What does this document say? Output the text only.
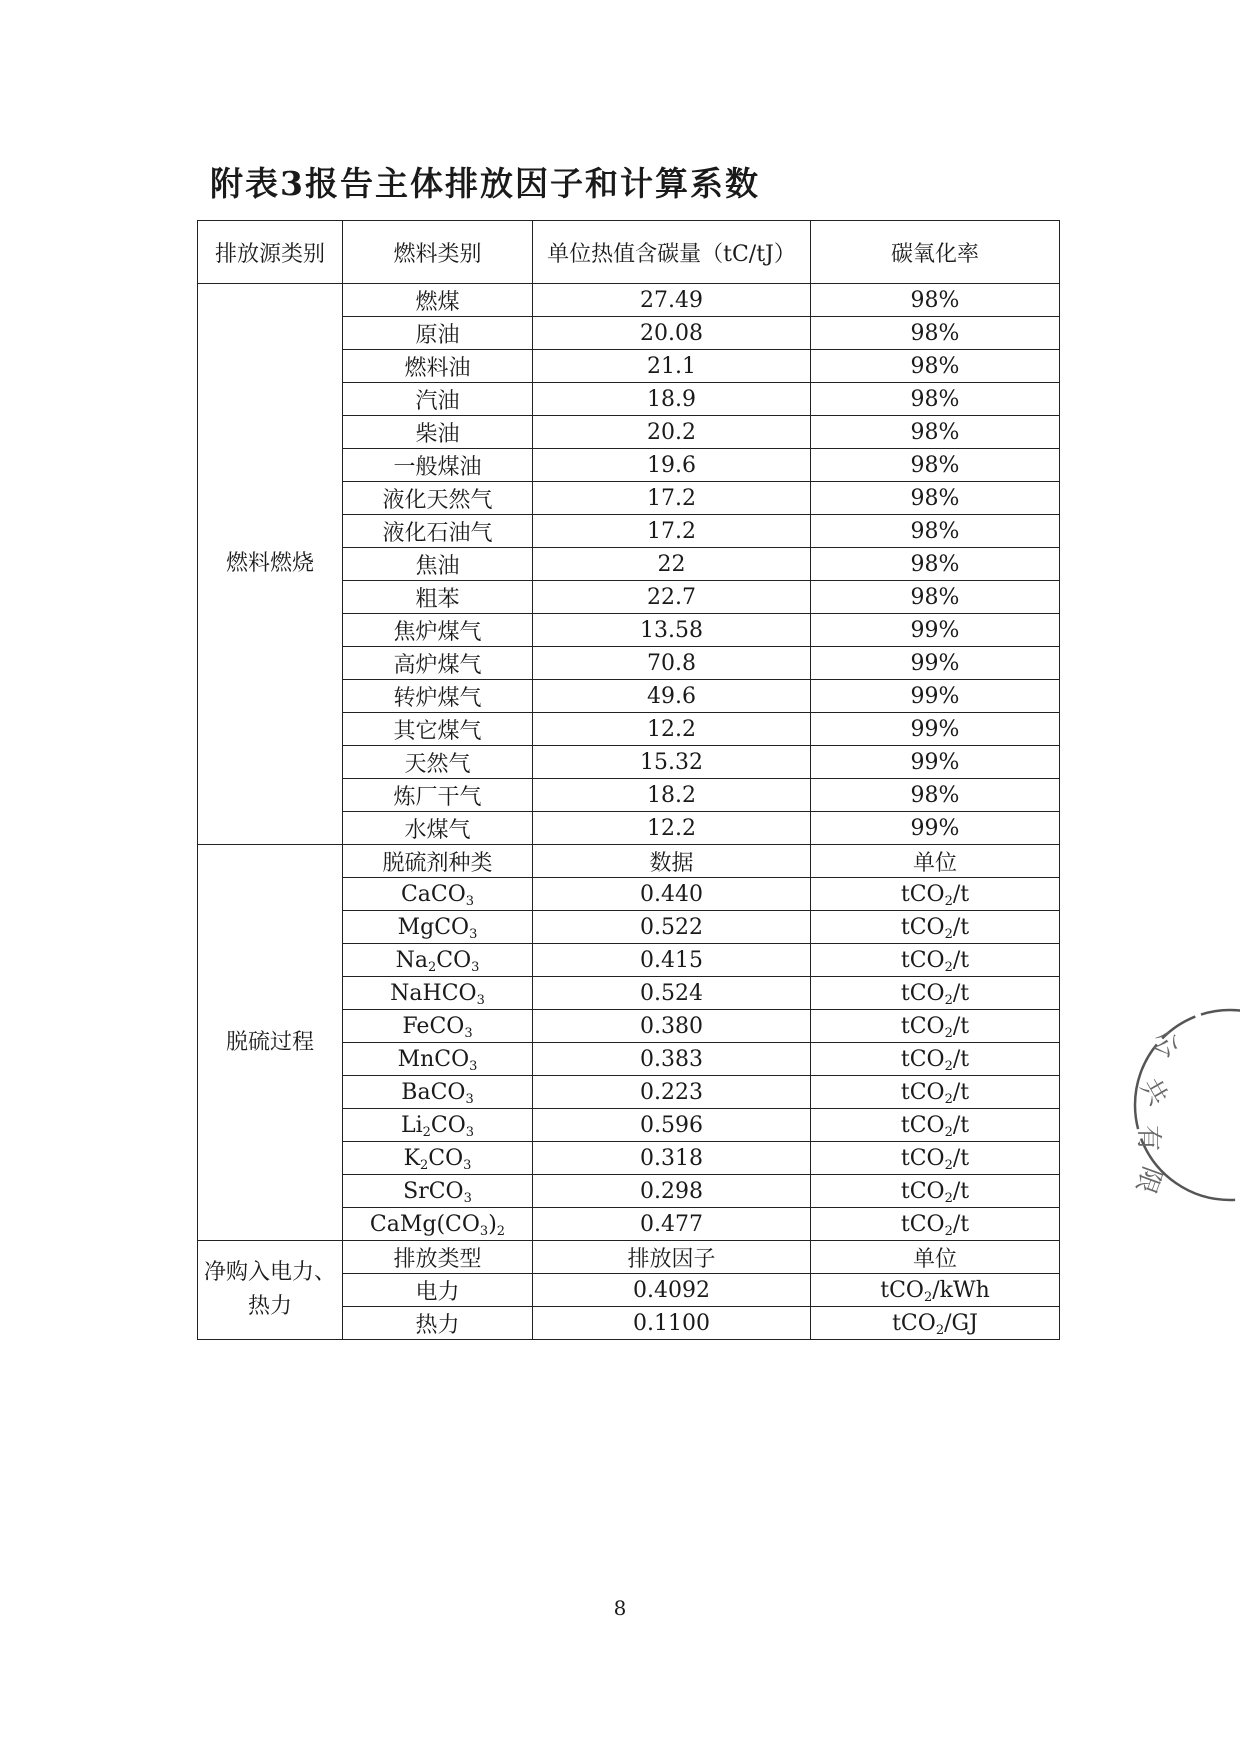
附表3报告主体排放因子和计算系数
排放源类别	燃料类别	单位热值含碳量（tC/tJ）	碳氧化率
燃料燃烧	燃煤	27.49	98%
	原油	20.08	98%
	燃料油	21.1	98%
	汽油	18.9	98%
	柴油	20.2	98%
	一般煤油	19.6	98%
	液化天然气	17.2	98%
	液化石油气	17.2	98%
	焦油	22	98%
	粗苯	22.7	98%
	焦炉煤气	13.58	99%
	高炉煤气	70.8	99%
	转炉煤气	49.6	99%
	其它煤气	12.2	99%
	天然气	15.32	99%
	炼厂干气	18.2	98%
	水煤气	12.2	99%
脱硫过程	脱硫剂种类	数据	单位
	CaCO$_3$	0.440	tCO$_2$/t
	MgCO$_3$	0.522	tCO$_2$/t
	$Na_2CO_3$	0.415	tCO$_2$/t
	NaHCO$_3$	0.524	tCO$_2$/t
	FeCO$_3$	0.380	tCO$_2$/t
	MnCO$_3$	0.383	tCO$_2$/t
	BaCO$_3$	0.223	tCO$_2$/t
	$Li_2CO_3$	0.596	tCO$_2$/t
	$K_2CO_3$	0.318	tCO$_2$/t
	SrCO$_3$	0.298	tCO$_2$/t
	$CaMg(CO_3)_2$	0.477	tCO$_2$/t

净购入电力、
热力	排放类型	排放因子	单位
	电力	0.4092	tCO$_2$/kWh
	热力	0.1100	tCO$_2$/GJ
8
公
共
有
限
